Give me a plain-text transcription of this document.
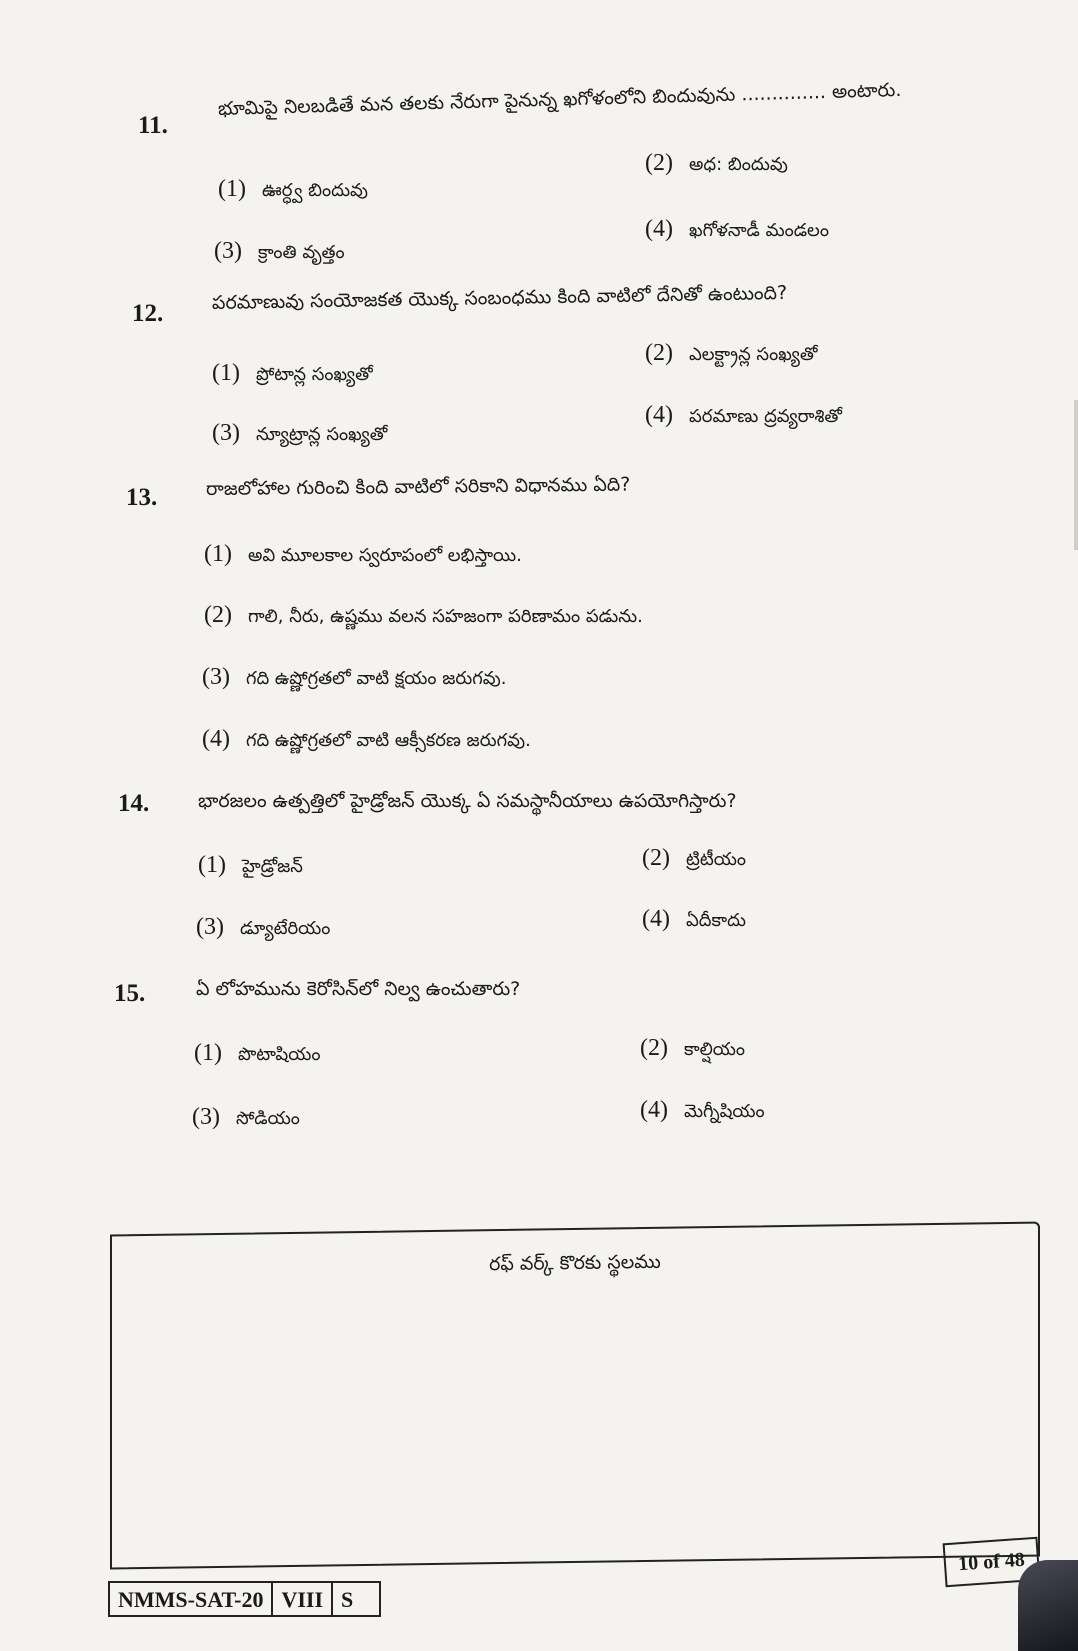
11.
భూమిపై నిలబడితే మన తలకు నేరుగా పైనున్న ఖగోళంలోని బిందువును .............. అంటారు.
(1) ఊర్ధ్వ బిందువు
(2) అధ: బిందువు
(3) క్రాంతి వృత్తం
(4) ఖగోళనాడీ మండలం
12.	పరమాణువు సంయోజకత యొక్క సంబంధము కింది వాటిలో దేనితో ఉంటుంది?
(1) ప్రోటాన్ల సంఖ్యతో
(2) ఎలక్ట్రాన్ల సంఖ్యతో
(3) న్యూట్రాన్ల సంఖ్యతో
(4) పరమాణు ద్రవ్యరాశితో
13.	రాజలోహాల గురించి కింది వాటిలో సరికాని విధానము ఏది?
(1) అవి మూలకాల స్వరూపంలో లభిస్తాయి.
(2) గాలి, నీరు, ఉష్ణము వలన సహజంగా పరిణామం పడును.
(3) గది ఉష్ణోగ్రతలో వాటి క్షయం జరుగవు.
(4) గది ఉష్ణోగ్రతలో వాటి ఆక్సీకరణ జరుగవు.
14.	భారజలం ఉత్పత్తిలో హైడ్రోజన్ యొక్క ఏ సమస్థానీయాలు ఉపయోగిస్తారు?
(1) హైడ్రోజన్	(2) ట్రిటీయం
(3) డ్యూటేరియం	(4) ఏదీకాదు
15.	ఏ లోహమును కెరోసిన్‌లో నిల్వ ఉంచుతారు?
(1) పొటాషియం	(2) కాల్షియం
(3) సోడియం	(4) మెగ్నీషియం
రఫ్ వర్క్ కొరకు స్థలము
10 of 48
NMMS-SAT-20 VIII S
